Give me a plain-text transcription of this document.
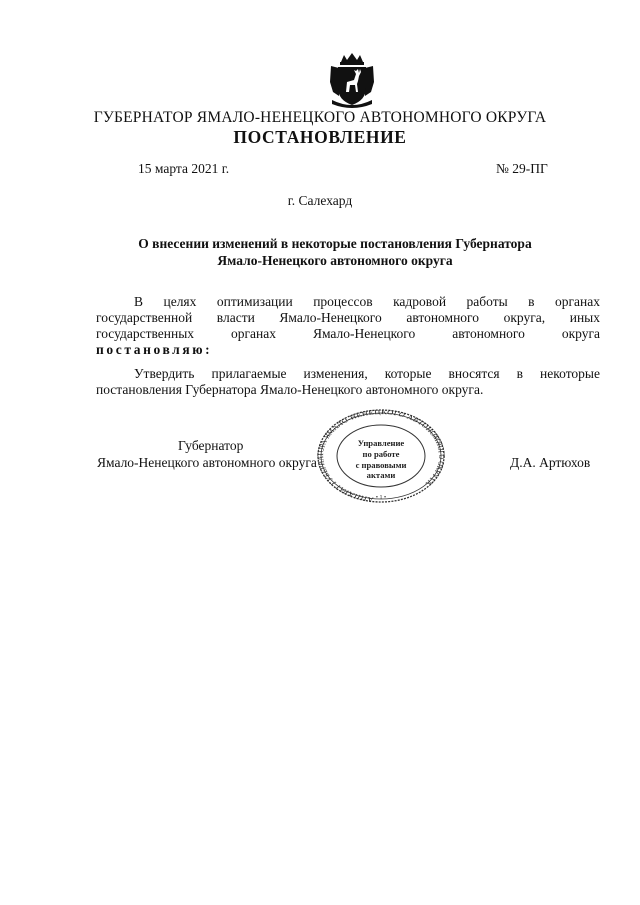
ГУБЕРНАТОР ЯМАЛО-НЕНЕЦКОГО АВТОНОМНОГО ОКРУГА
ПОСТАНОВЛЕНИЕ
15 марта 2021 г.	№ 29-ПГ
г. Салехард
О внесении изменений в некоторые постановления Губернатора
Ямало-Ненецкого автономного округа
В целях оптимизации процессов кадровой работы в органах
государственной власти Ямало-Ненецкого автономного округа, иных
государственных органах Ямало-Ненецкого автономного округа
постановляю:
Утвердить прилагаемые изменения, которые вносятся в некоторые постановления Губернатора Ямало-Ненецкого автономного округа.
Губернатор
Ямало-Ненецкого автономного округа	Д.А. Артюхов
АППАРАТ ГУБЕРНАТОРА ЯМАЛО-НЕНЕЦКОГО АВТОНОМНОГО ОКРУГА
• 1 •
Управление
по работе
с правовыми
актами
